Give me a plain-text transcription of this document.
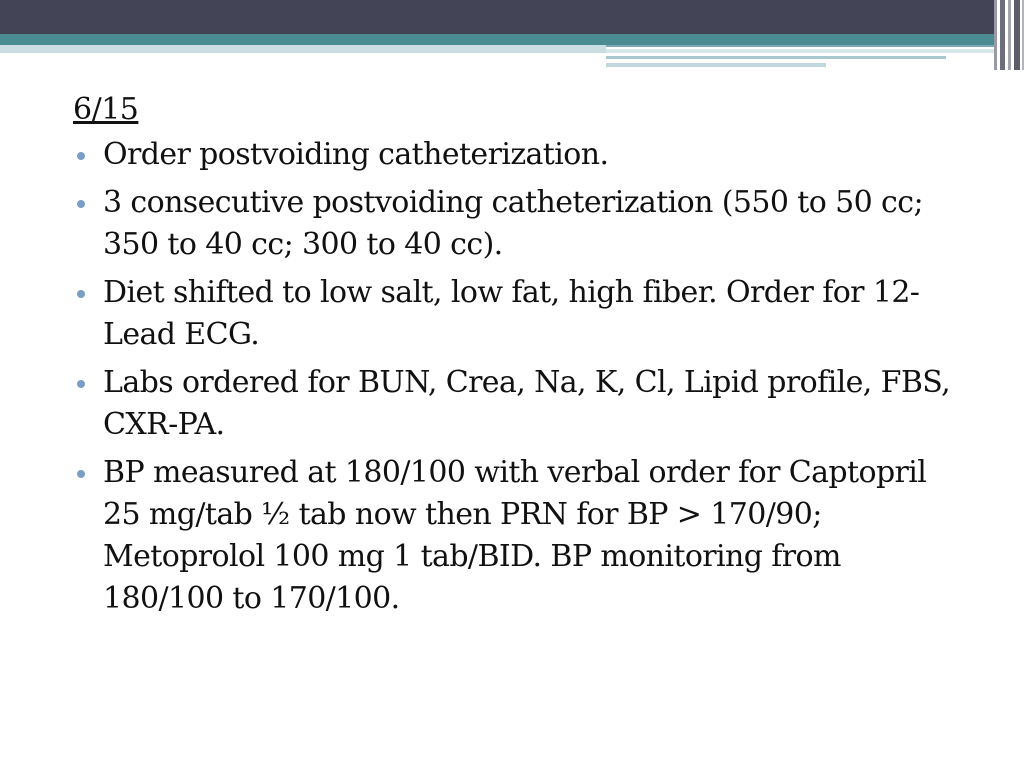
6/15
Order postvoiding catheterization.
3 consecutive postvoiding catheterization (550 to 50 cc; 350 to 40 cc; 300 to 40 cc).
Diet shifted to low salt, low fat, high fiber. Order for 12-Lead ECG.
Labs ordered for BUN, Crea, Na, K, Cl, Lipid profile, FBS, CXR-PA.
BP measured at 180/100 with verbal order for Captopril 25 mg/tab ½ tab now then PRN for BP > 170/90; Metoprolol 100 mg 1 tab/BID. BP monitoring from 180/100 to 170/100.
